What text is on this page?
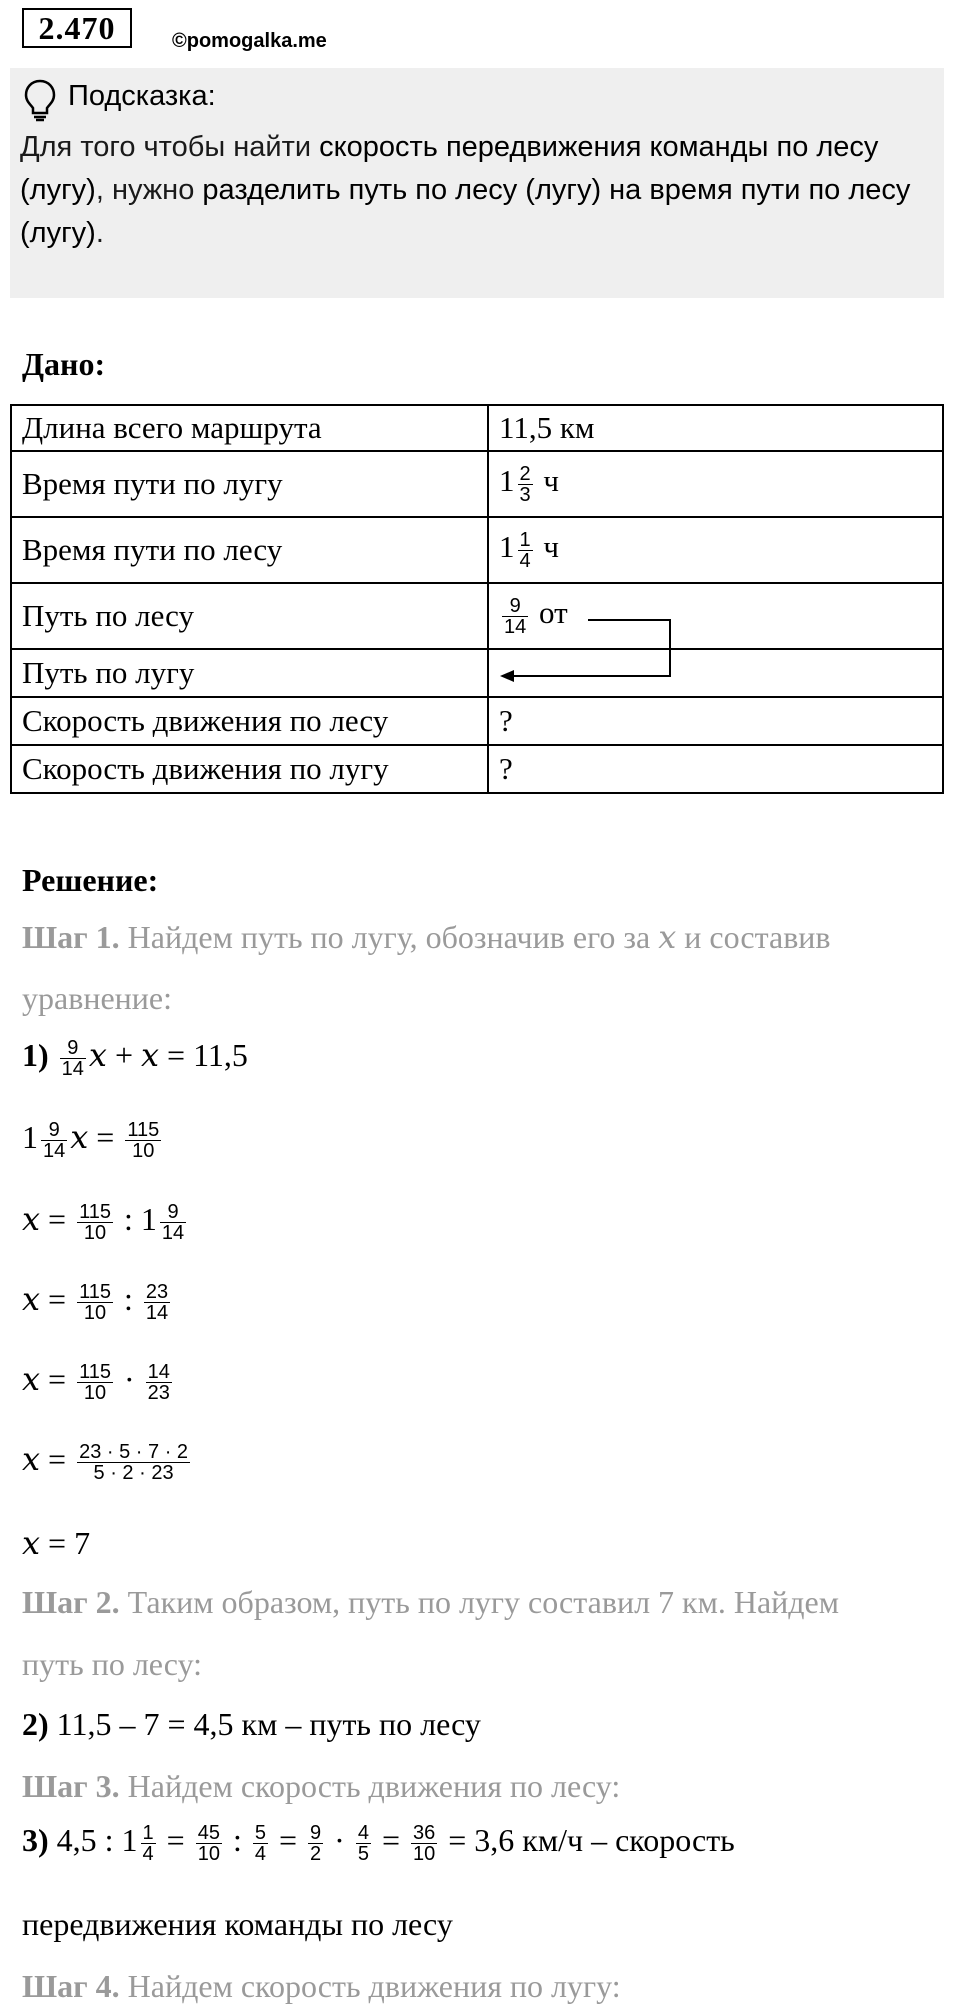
2.470	©pomogalka.me
Подсказка:
Для того чтобы найти скорость передвижения команды по лесу (лугу), нужно разделить путь по лесу (лугу) на время пути по лесу (лугу).
Дано:
Длина всего маршрута	11,5 км
Время пути по лугу	$1 \frac{2}{3}$ ч
Время пути по лесу	$1 \frac{1}{4}$ ч
Путь по лесу	$\frac{9}{14}$ от
Путь по лугу	
Скорость движения по лесу	?
Скорость движения по лугу	?
Решение:
Шаг 1. Найдем путь по лугу, обозначив его за x и составив
уравнение:
$1) \frac{9}{14}$ x + x = 11,5
$1 \frac{9}{14}$ $x = \frac{115}{10}$
$x = \frac{115}{10}$ : $1 \frac{9}{14}$
$x = \frac{115}{10}$ : $\frac{23}{14}$
$x = \frac{115}{10} \cdot \frac{14}{23}$
$x = \frac{23 \cdot 5 \cdot 7 \cdot 2}{5 \cdot 2 \cdot 23}$
x = 7
Шаг 2. Таким образом, путь по лугу составил 7 км. Найдем
путь по лесу:
2) 11,5 – 7 = 4,5 км – путь по лесу
Шаг 3. Найдем скорость движения по лесу:
3) 4,5 : $1 \frac{1}{4} = \frac{45}{10}$ : $\frac{5}{4} = \frac{9}{2} \cdot \frac{4}{5} = \frac{36}{10} = 3,6$ км/ч – скорость
передвижения команды по лесу
Шаг 4. Найдем скорость движения по лугу:
